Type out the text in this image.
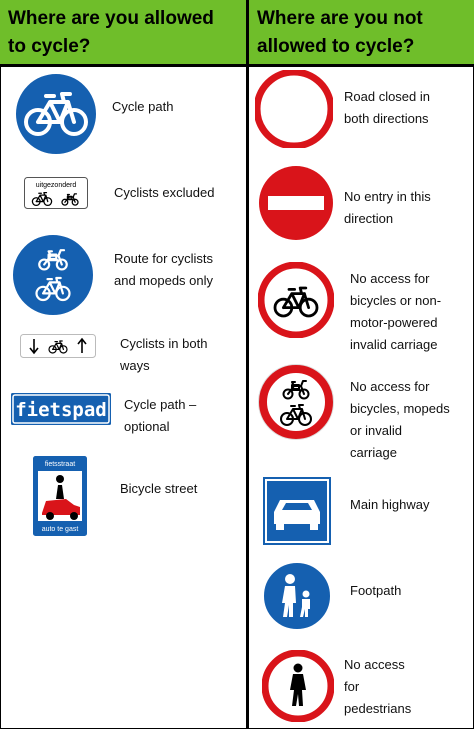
Where are you allowed
to cycle?
Where are you not
allowed to cycle?
Cycle path
uitgezonderd	Cyclists excluded
Route for cyclists
and mopeds only
Cyclists in both
ways
fietspad Cycle path –
optional
fietsstraat
auto te gast
Bicycle street
Road closed in
both directions
No entry in this
direction
No access for
bicycles or non-
motor-powered
invalid carriage
No access for
bicycles, mopeds
or invalid
carriage
Main highway
Footpath
No access
for
pedestrians
